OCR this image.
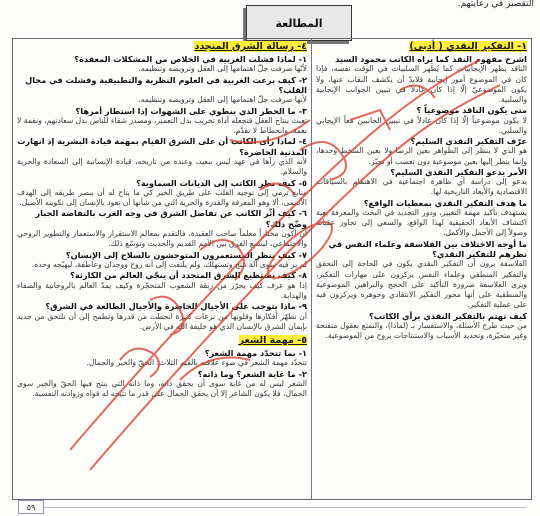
التقصير في رعايتهم.
المطالعة
١- التفكير النقدي ( أدبي)
اشرح مفهوم النقد كما يراه الكاتب محمود السيد
الناقد يظهر الإيجابيات كما يُظهر السلبيات في الوقت نفسه، فإذا كان في الموضوع أمور إيجابية فلابدّ أن يكشف النقاب عنها، ولا يكون الموضوعيّ إلّا إذا كان عادلاً في تبيين الجوانب الإيجابية والسلبية.
متى يكون الناقد موضوعياً ؟
لا يكون موضوعياً إلّا إذا كان عادلاً في تبيين الجانبين معاً الإيجابي والسلبي.
عرّف التفكير النقدي السليم؟
هو الذي لا ينظر إلى الظواهر بعين الرضا ولا بعين السُخط وحدها، وإنما ينظر إليها بعين موضوعية دون تعصب أو تحيّز.
الأمر يدعو التفكير النقدي السليم؟
يدعو إلى دراسة أي ظاهرة اجتماعية في الاهتمام بالسياقات الاقتصادية والأبعاد التاريخية لها.
ما هدف التفكير النقدي بمعطيات الواقع؟
يستهدف تأكيد مهمة التغيير، ودور التجديد في البحث والمعرفة بغية اكتشاف الأبعاد الحقيقية لهذا الواقع، والسعي إلى تجاوز عقباته وصولاً إلى الأجمل والأكمل.
ما أوجه الاختلاف بين الفلاسفة وعلماء النفس في نظرهم للتفكير النقدي؟
الفلاسفة يرون أن التفكير النقدي يكون في الحاجة إلى التحقق والتفكير المنطقي وعلماء النفس يركزون على مهارات التفكير، ويرى الفلاسفة ضرورة التأكيد على الحجج والبراهين الموضوعية والمنطقية على أنها محور التفكير الانتقادي وجوهره ويركزون فيه على عملية التفكير.
كيف تهتم بالتفكير النقدي برأي الكاتب؟
من حيث طرح الأسئلة، والاستفسار بـ (لماذا)، والتمتع بعقول متفتحة وغير متحيّزة، وتحديد الأسباب والاستنتاجات بروح من الموضوعية.
٤- رسالة الشرق المتجدد
١- لماذا فشلت الغربية في الخلاص من المشكلات المعقدة؟
لأنّها صرفت جلّ اهتمامها إلى العقل وترويضه وتنظيمه.
٢- كيف برعت الغربية في العلوم النظرية والتطبيقية وفشلت في مجال القلب؟
لأنها صرفت جلّ اهتمامها إلى العقل وترويضه وتنظيمه.
٣- ما الخطر الذي ينطوي على الشهوات إذا استطار أمرها؟
تعبث بنتاج العقل فتجعله أداة تخريب بدل التعمير، ومصدر شقاء للناس بدل سعادتهم، ونقمة لا نعمة، وانحطاط لا تقدّم.
٤- لماذا رأى الكاتب أن على الشرق القيام بمهمة قيادة البشرية إذ انهارت المدنية الحاضرة؟
لأنه الذي رآها في عهد ليس ببعيد، وعنده من تاريخه، قيادة الإنسانية إلى السعادة والحرية والسلام.
٥- كيف نظر الكاتب إلى الديانات السماوية؟
منابع ترمي إلى توجيه القلب على طريق الخير كي ما يتاح له أن يبصر طريقه إلى الهدف الأسمى، ألا وهو المعرفة والقدرة والحرية التي من شأنها أن تعود بالإنسان إلى تكوينه الأصيل.
٦- كيف أثّر الكاتب عن تفاضل الشرق في وجه الغرب بالتفاضة الجبار وضّح ذلك؟
ان أكون مختاراً معلماً صاحب العقيدة، فالتقدم بمعالم الاستقرار والاستعمار والتطوير الروحي والاجتماعي، ليتسع الفرق بين الأمم القديم والحديث وتوسّع ذلك.
٧- كيف ينظر المستعمرون المتوحشون بالسلاح إلى الإنسان؟
لم ير فيه سوى آلة تنتج وتستهلك، ولم يلتفت إلى أنه روح ووجدان وعاطفة، ليهيّجه وحده.
٨- كيف يستطيع الشرق المتجدد أن ينجّي العالم من الكارثة؟
إذا هو عرف كيف يحرّر من رِبقة الشعوب المتحجّرة وكيف يمدّ العالم بالروحانية والصفاء والهداية.
٩- ماذا يتوجب على الأجيال الحاضرة والأجيال الطالعة في الشرق؟
أن تطهّر أفكارها وقلوبها من نزعات كثيرة انحطت من قدرها وتطمح إلى أن تلتحق من جديد بإيمان الشرق بالإنسان الذي هو خليفة الله في الأرض.
٥- مهمة الشعر
١- بما تتحدّد مهمة الشعر؟
تتحدّد مهمة الشعر في ضوء علاقته بالقيم الثلاث: الحقّ والخير والجمال.
٢- ما غاية الشعر؟ وما ذاته؟
الشعر ليس له من غاية سوى أن يحقق ذاته، وما ذاته التي ينتج فيها الحقّ والخير سوى الجمال، فلا يكون الشاعر إلا أن يحقق الجمال على قدر ما تتيحه له قواه وزوادته النفسية.
٥٩
